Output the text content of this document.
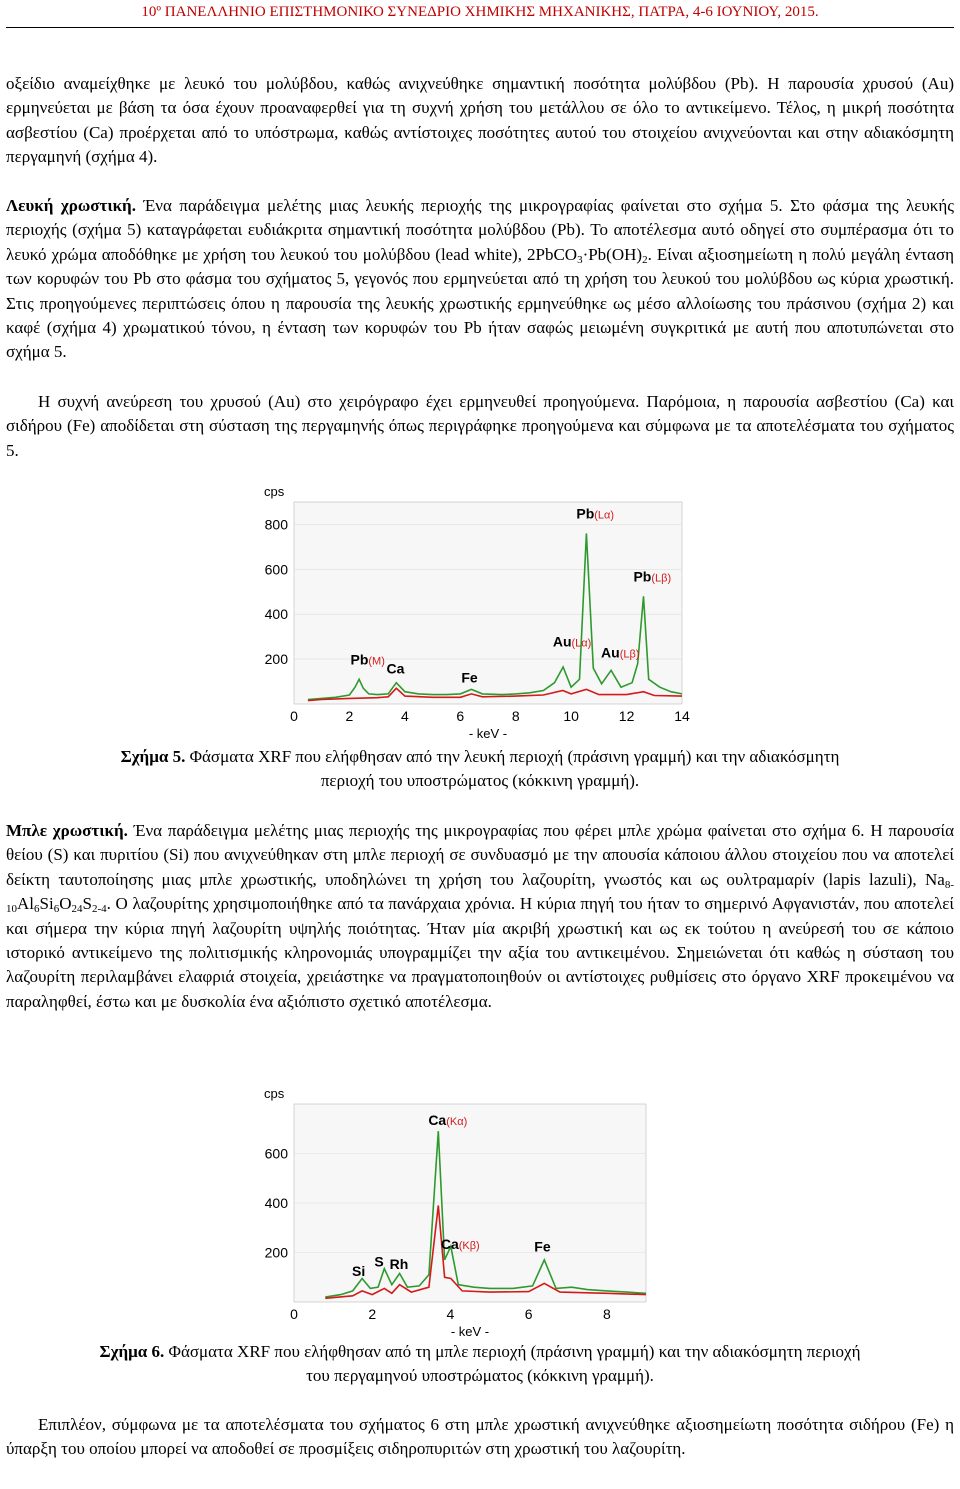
10º ΠΑΝΕΛΛΗΝΙΟ ΕΠΙΣΤΗΜΟΝΙΚΟ ΣΥΝΕΔΡΙΟ ΧΗΜΙΚΗΣ ΜΗΧΑΝΙΚΗΣ, ΠΑΤΡΑ, 4-6 ΙΟΥΝΙΟΥ, 2015.

οξείδιο αναμείχθηκε με λευκό του μολύβδου, καθώς ανιχνεύθηκε σημαντική ποσότητα μολύβδου (Pb). Η παρουσία χρυσού (Au) ερμηνεύεται με βάση τα όσα έχουν προαναφερθεί για τη συχνή χρήση του μετάλλου σε όλο το αντικείμενο. Τέλος, η μικρή ποσότητα ασβεστίου (Ca) προέρχεται από το υπόστρωμα, καθώς αντίστοιχες ποσότητες αυτού του στοιχείου ανιχνεύονται και στην αδιακόσμητη περγαμηνή (σχήμα 4).

Λευκή χρωστική. Ένα παράδειγμα μελέτης μιας λευκής περιοχής της μικρογραφίας φαίνεται στο σχήμα 5. Στο φάσμα της λευκής περιοχής (σχήμα 5) καταγράφεται ευδιάκριτα σημαντική ποσότητα μολύβδου (Pb). Το αποτέλεσμα αυτό οδηγεί στο συμπέρασμα ότι το λευκό χρώμα αποδόθηκε με χρήση του λευκού του μολύβδου (lead white), $2PbCO_3\cdot Pb(OH)_2$. Είναι αξιοσημείωτη η πολύ μεγάλη ένταση των κορυφών του Pb στο φάσμα του σχήματος 5, γεγονός που ερμηνεύεται από τη χρήση του λευκού του μολύβδου ως κύρια χρωστική. Στις προηγούμενες περιπτώσεις όπου η παρουσία της λευκής χρωστικής ερμηνεύθηκε ως μέσο αλλοίωσης του πράσινου (σχήμα 2) και καφέ (σχήμα 4) χρωματικού τόνου, η ένταση των κορυφών του Pb ήταν σαφώς μειωμένη συγκριτικά με αυτή που αποτυπώνεται στο σχήμα 5.

Η συχνή ανεύρεση του χρυσού (Au) στο χειρόγραφο έχει ερμηνευθεί προηγούμενα. Παρόμοια, η παρουσία ασβεστίου (Ca) και σιδήρου (Fe) αποδίδεται στη σύσταση της περγαμηνής όπως περιγράφηκε προηγούμενα και σύμφωνα με τα αποτελέσματα του σχήματος 5.

cps
200
400
600
800
0	2	4	6	8	10	12	14
- keV -
Pb(M) Ca
Fe
Au(Lα)
Pb(Lα)
Au(Lβ)
Pb(Lβ)
Σχήμα 5. Φάσματα XRF που ελήφθησαν από την λευκή περιοχή (πράσινη γραμμή) και την αδιακόσμητη
περιοχή του υποστρώματος (κόκκινη γραμμή).

Μπλε χρωστική. Ένα παράδειγμα μελέτης μιας περιοχής της μικρογραφίας που φέρει μπλε χρώμα φαίνεται στο σχήμα 6. Η παρουσία θείου (S) και πυριτίου (Si) που ανιχνεύθηκαν στη μπλε περιοχή σε συνδυασμό με την απουσία κάποιου άλλου στοιχείου που να αποτελεί δείκτη ταυτοποίησης μιας μπλε χρωστικής, υποδηλώνει τη χρήση του λαζουρίτη, γνωστός και ως ουλτραμαρίν (lapis lazuli), $Na_{8-10}Al_6Si_6O_{24}S_{2-4}$. Ο λαζουρίτης χρησιμοποιήθηκε από τα πανάρχαια χρόνια. Η κύρια πηγή του ήταν το σημερινό Αφγανιστάν, που αποτελεί και σήμερα την κύρια πηγή λαζουρίτη υψηλής ποιότητας. Ήταν μία ακριβή χρωστική και ως εκ τούτου η ανεύρεσή του σε κάποιο ιστορικό αντικείμενο της πολιτισμικής κληρονομιάς υπογραμμίζει την αξία του αντικειμένου. Σημειώνεται ότι καθώς η σύσταση του λαζουρίτη περιλαμβάνει ελαφριά στοιχεία, χρειάστηκε να πραγματοποιηθούν οι αντίστοιχες ρυθμίσεις στο όργανο XRF προκειμένου να παραληφθεί, έστω και με δυσκολία ένα αξιόπιστο σχετικό αποτέλεσμα.

cps
200
400
600
0	2	4	6	8
- keV -
Si
S Rh
Ca(Kα)
Ca(Kβ)	Fe
Σχήμα 6. Φάσματα XRF που ελήφθησαν από τη μπλε περιοχή (πράσινη γραμμή) και την αδιακόσμητη περιοχή
του περγαμηνού υποστρώματος (κόκκινη γραμμή).

Επιπλέον, σύμφωνα με τα αποτελέσματα του σχήματος 6 στη μπλε χρωστική ανιχνεύθηκε αξιοσημείωτη ποσότητα σιδήρου (Fe) η ύπαρξη του οποίου μπορεί να αποδοθεί σε προσμίξεις σιδηροπυριτών στη χρωστική του λαζουρίτη.
